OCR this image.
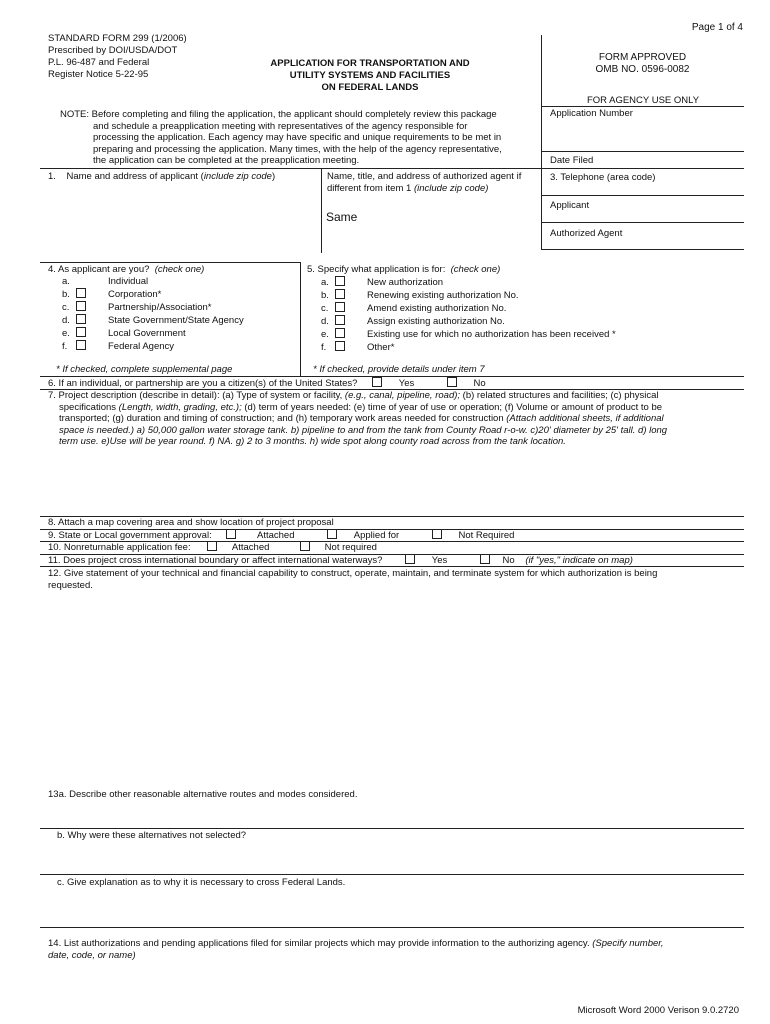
Page 1 of 4
STANDARD FORM 299 (1/2006)
Prescribed by DOI/USDA/DOT
P.L. 96-487 and Federal
Register Notice 5-22-95
APPLICATION FOR TRANSPORTATION AND
UTILITY SYSTEMS AND FACILITIES
ON FEDERAL LANDS
FORM APPROVED
OMB NO. 0596-0082
FOR AGENCY USE ONLY
Application Number
Date Filed
NOTE: Before completing and filing the application, the applicant should completely review this package
and schedule a preapplication meeting with representatives of the agency responsible for
processing the application. Each agency may have specific and unique requirements to be met in
preparing and processing the application. Many times, with the help of the agency representative,
the application can be completed at the preapplication meeting.
1. Name and address of applicant (include zip code)	Name, title, and address of authorized agent if
different from item 1 (include zip code)
Same
3. Telephone (area code)
Applicant
Authorized Agent
4. As applicant are you? (check one)
a.	Individual
b.	Corporation*
c.	Partnership/Association*
d.	State Government/State Agency
e.	Local Government
f.	Federal Agency
* If checked, complete supplemental page
5. Specify what application is for: (check one)
a.	New authorization
b.	Renewing existing authorization No.
c.	Amend existing authorization No.
d.	Assign existing authorization No.
e.	Existing use for which no authorization has been received *
f.	Other*
* If checked, provide details under item 7
6. If an individual, or partnership are you a citizen(s) of the United States?	Yes	No
7. Project description (describe in detail): (a) Type of system or facility, (e.g., canal, pipeline, road); (b) related structures and facilities; (c) physical
specifications (Length, width, grading, etc.); (d) term of years needed: (e) time of year of use or operation; (f) Volume or amount of product to be
transported; (g) duration and timing of construction; and (h) temporary work areas needed for construction (Attach additional sheets, if additional
space is needed.) a) 50,000 gallon water storage tank. b) pipeline to and from the tank from County Road r-o-w. c)20' diameter by 25' tall. d) long
term use. e)Use will be year round. f) NA. g) 2 to 3 months. h) wide spot along county road across from the tank location.
8. Attach a map covering area and show location of project proposal
9. State or Local government approval:	Attached	Applied for	Not Required
10. Nonreturnable application fee:	Attached	Not required
11. Does project cross international boundary or affect international waterways?	Yes	No (if "yes," indicate on map)
12. Give statement of your technical and financial capability to construct, operate, maintain, and terminate system for which authorization is being
requested.
13a. Describe other reasonable alternative routes and modes considered.
b. Why were these alternatives not selected?
c. Give explanation as to why it is necessary to cross Federal Lands.
14. List authorizations and pending applications filed for similar projects which may provide information to the authorizing agency. (Specify number,
date, code, or name)
Microsoft Word 2000 Verison 9.0.2720
